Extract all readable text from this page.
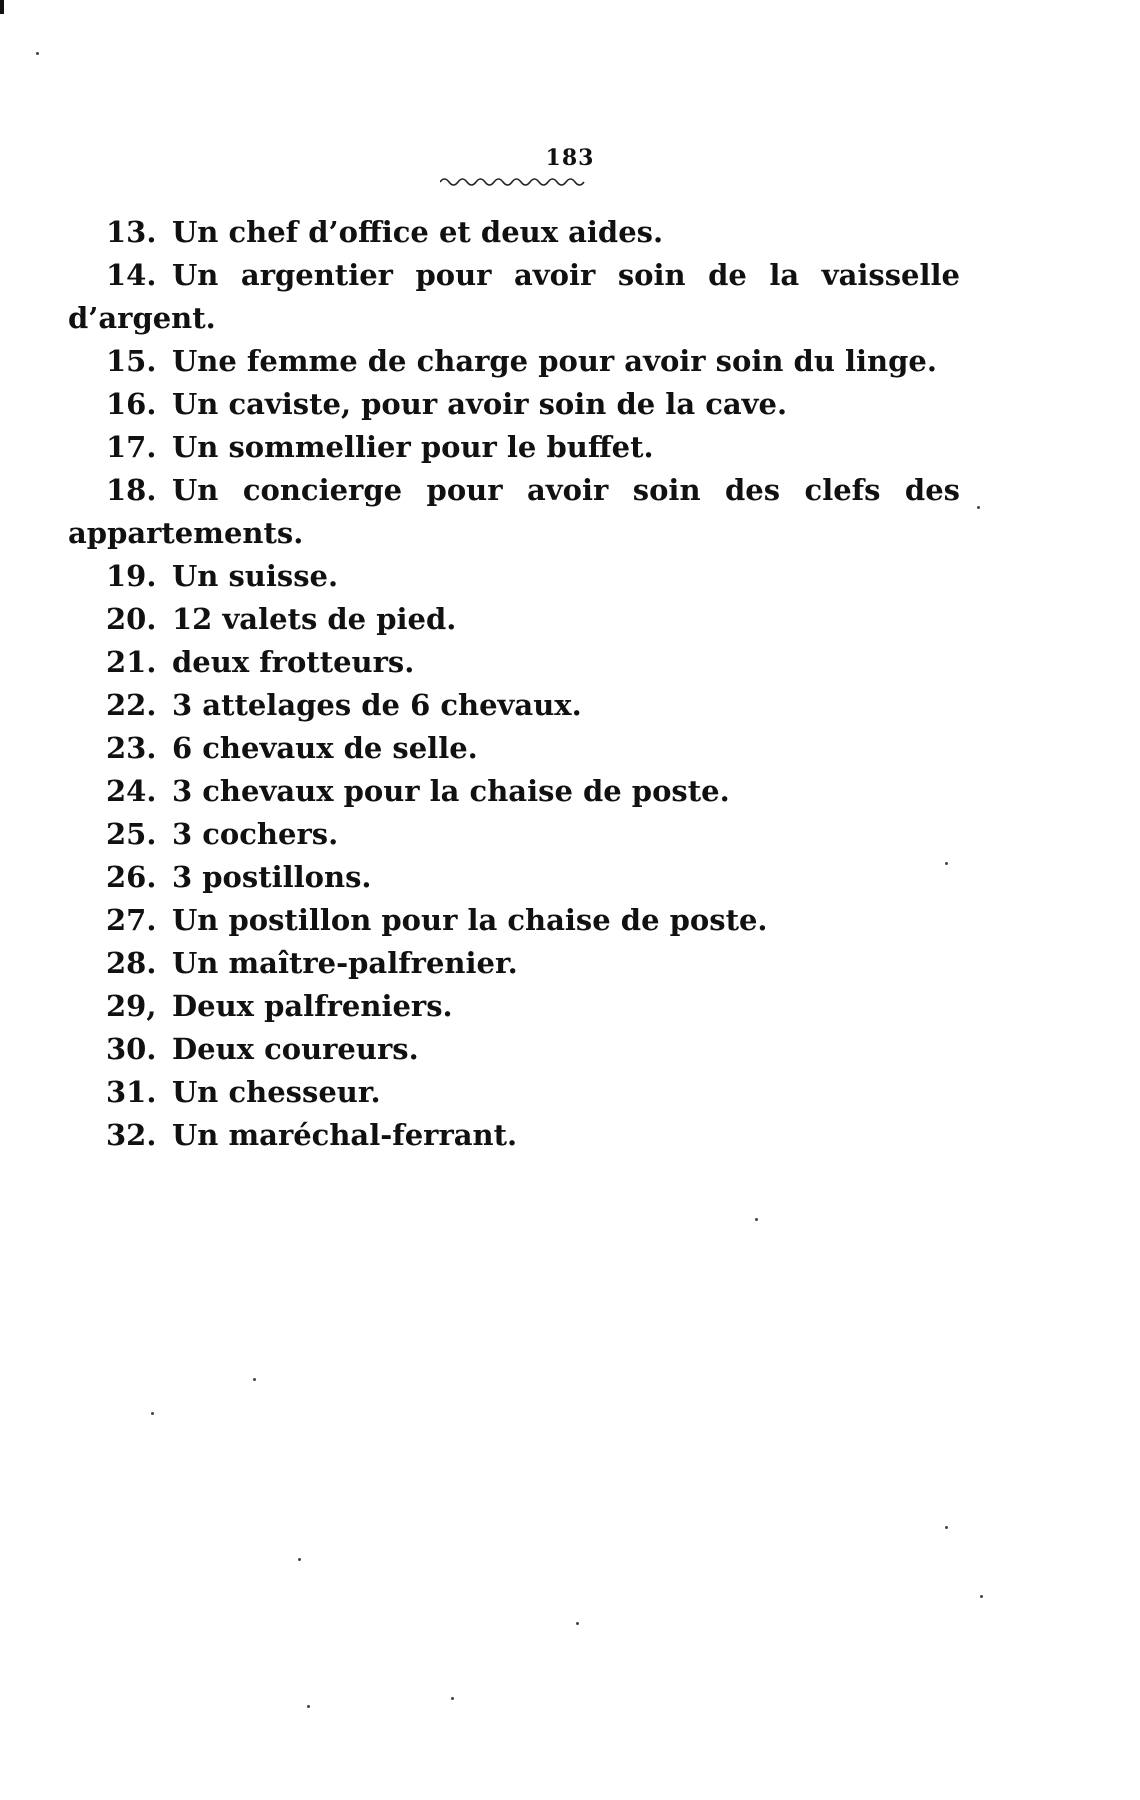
183
13. Un chef d’office et deux aides.
14. Un argentier pour avoir soin de la vaisselle
d’argent.
15. Une femme de charge pour avoir soin du linge.
16. Un caviste, pour avoir soin de la cave.
17. Un sommellier pour le buffet.
18. Un concierge pour avoir soin des clefs des
appartements.
19. Un suisse.
20. 12 valets de pied.
21. deux frotteurs.
22. 3 attelages de 6 chevaux.
23. 6 chevaux de selle.
24. 3 chevaux pour la chaise de poste.
25. 3 cochers.
26. 3 postillons.
27. Un postillon pour la chaise de poste.
28. Un maître-palfrenier.
29, Deux palfreniers.
30. Deux coureurs.
31. Un chesseur.
32. Un maréchal-ferrant.
